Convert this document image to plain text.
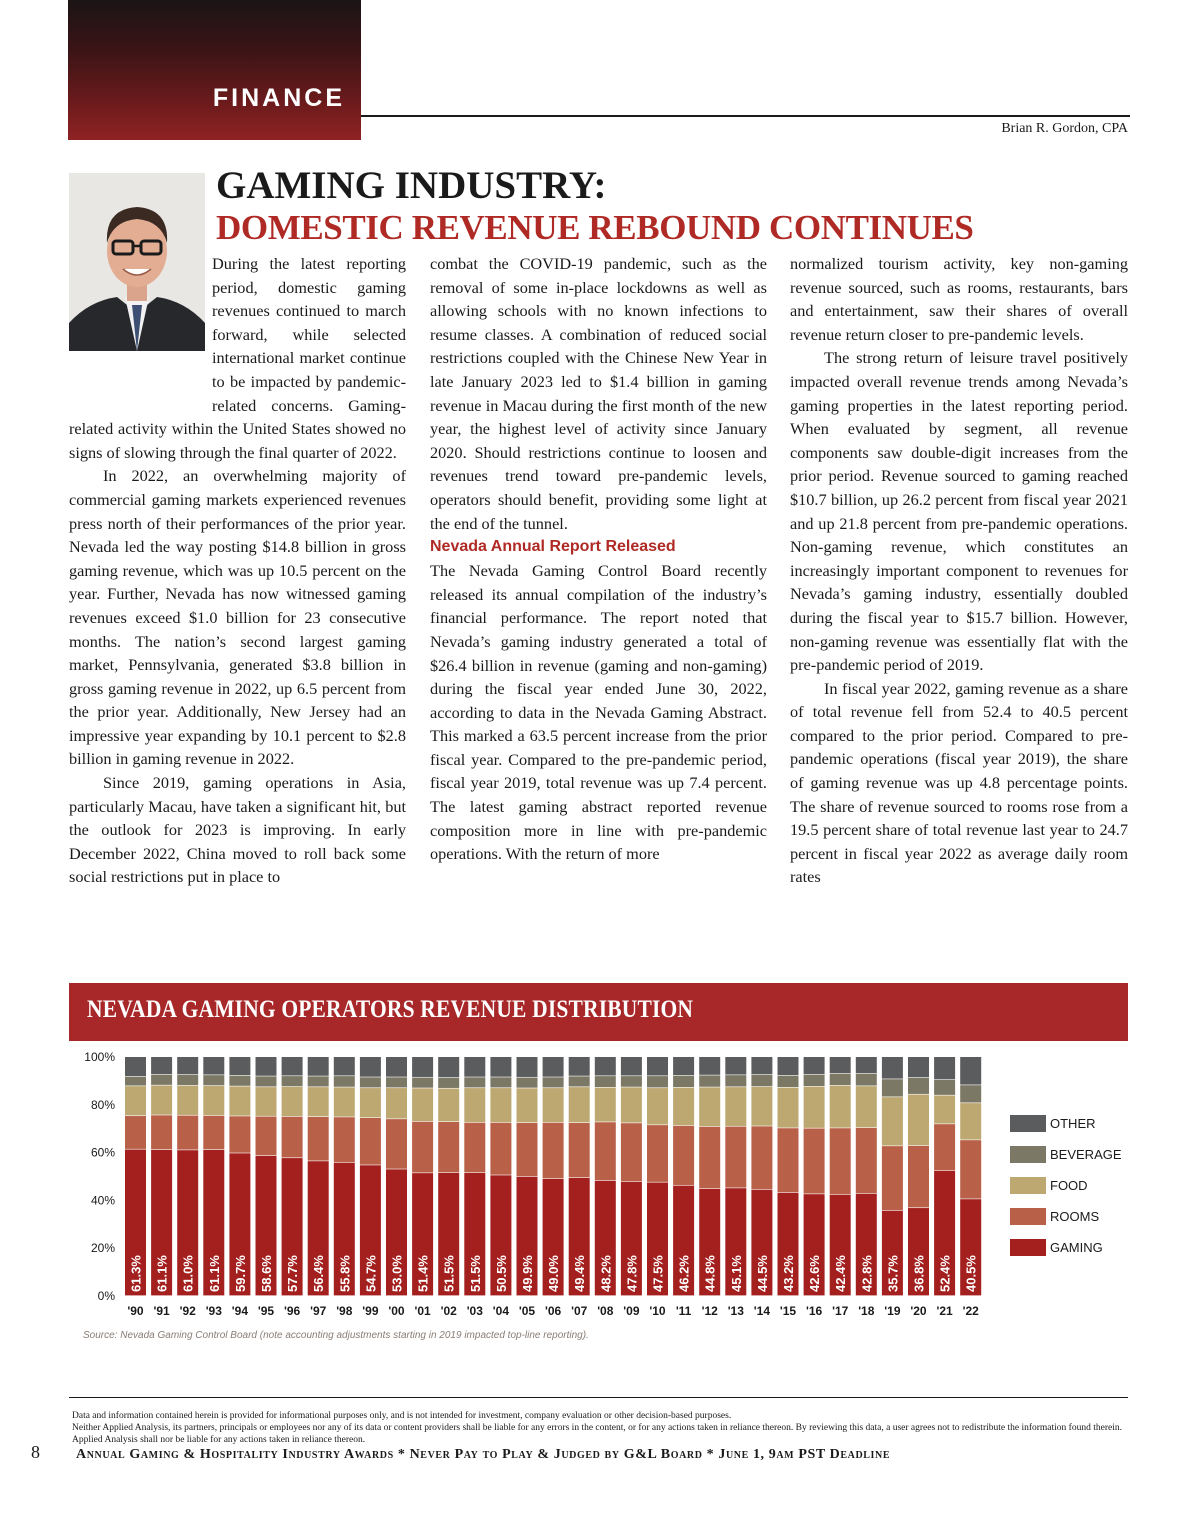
FINANCE
Brian R. Gordon, CPA
GAMING INDUSTRY:
DOMESTIC REVENUE REBOUND CONTINUES

During the latest reporting period, domestic gaming revenues continued to march forward, while selected international market continue to be impacted by pandemic-related concerns. Gaming-related activity within the United States showed no signs of slowing through the final quarter of 2022.

In 2022, an overwhelming majority of commercial gaming markets experienced revenues press north of their performances of the prior year. Nevada led the way posting $14.8 billion in gross gaming revenue, which was up 10.5 percent on the year. Further, Nevada has now witnessed gaming revenues exceed $1.0 billion for 23 consecutive months. The nation’s second largest gaming market, Pennsylvania, generated $3.8 billion in gross gaming revenue in 2022, up 6.5 percent from the prior year. Additionally, New Jersey had an impressive year expanding by 10.1 percent to $2.8 billion in gaming revenue in 2022.

Since 2019, gaming operations in Asia, particularly Macau, have taken a significant hit, but the outlook for 2023 is improving. In early December 2022, China moved to roll back some social restrictions put in place to

combat the COVID-19 pandemic, such as the removal of some in-place lockdowns as well as allowing schools with no known infections to resume classes. A combination of reduced social restrictions coupled with the Chinese New Year in late January 2023 led to $1.4 billion in gaming revenue in Macau during the first month of the new year, the highest level of activity since January 2020. Should restrictions continue to loosen and revenues trend toward pre-pandemic levels, operators should benefit, providing some light at the end of the tunnel.

Nevada Annual Report Released

The Nevada Gaming Control Board recently released its annual compilation of the industry’s financial performance. The report noted that Nevada’s gaming industry generated a total of $26.4 billion in revenue (gaming and non-gaming) during the fiscal year ended June 30, 2022, according to data in the Nevada Gaming Abstract. This marked a 63.5 percent increase from the prior fiscal year. Compared to the pre-pandemic period, fiscal year 2019, total revenue was up 7.4 percent. The latest gaming abstract reported revenue composition more in line with pre-pandemic operations. With the return of more

normalized tourism activity, key non-gaming revenue sourced, such as rooms, restaurants, bars and entertainment, saw their shares of overall revenue return closer to pre-pandemic levels.

The strong return of leisure travel positively impacted overall revenue trends among Nevada’s gaming properties in the latest reporting period. When evaluated by segment, all revenue components saw double-digit increases from the prior period. Revenue sourced to gaming reached $10.7 billion, up 26.2 percent from fiscal year 2021 and up 21.8 percent from pre-pandemic operations. Non-gaming revenue, which constitutes an increasingly important component to revenues for Nevada’s gaming industry, essentially doubled during the fiscal year to $15.7 billion. However, non-gaming revenue was essentially flat with the pre-pandemic period of 2019.

In fiscal year 2022, gaming revenue as a share of total revenue fell from 52.4 to 40.5 percent compared to the prior period. Compared to pre-pandemic operations (fiscal year 2019), the share of gaming revenue was up 4.8 percentage points. The share of revenue sourced to rooms rose from a 19.5 percent share of total revenue last year to 24.7 percent in fiscal year 2022 as average daily room rates

NEVADA GAMING OPERATORS REVENUE DISTRIBUTION
0%
20%
40%
60%
80%
100%
61.3%
'90
61.1%
'91
61.0%
'92
61.1%
'93
59.7%
'94
58.6%
'95
57.7%
'96
56.4%
'97
55.8%
'98
54.7%
'99
53.0%
'00
51.4%
'01
51.5%
'02
51.5%
'03
50.5%
'04
49.9%
'05
49.0%
'06
49.4%
'07
48.2%
'08
47.8%
'09
47.5%
'10
46.2%
'11
44.8%
'12
45.1%
'13
44.5%
'14
43.2%
'15
42.6%
'16
42.4%
'17
42.8%
'18
35.7%
'19
36.8%
'20
52.4%
'21
40.5%
'22
OTHER
BEVERAGE
FOOD
ROOMS
GAMING
Source: Nevada Gaming Control Board (note accounting adjustments starting in 2019 impacted top-line reporting).
Data and information contained herein is provided for informational purposes only, and is not intended for investment, company evaluation or other decision-based purposes.
Neither Applied Analysis, its partners, principals or employees nor any of its data or content providers shall be liable for any errors in the content, or for any actions taken in reliance thereon. By reviewing this data, a user agrees not to redistribute the information found therein. Applied Analysis shall nor be liable for any actions taken in reliance thereon.
8	Annual Gaming & Hospitality Industry Awards * Never Pay to Play & Judged by G&L Board * June 1, 9am PST Deadline
